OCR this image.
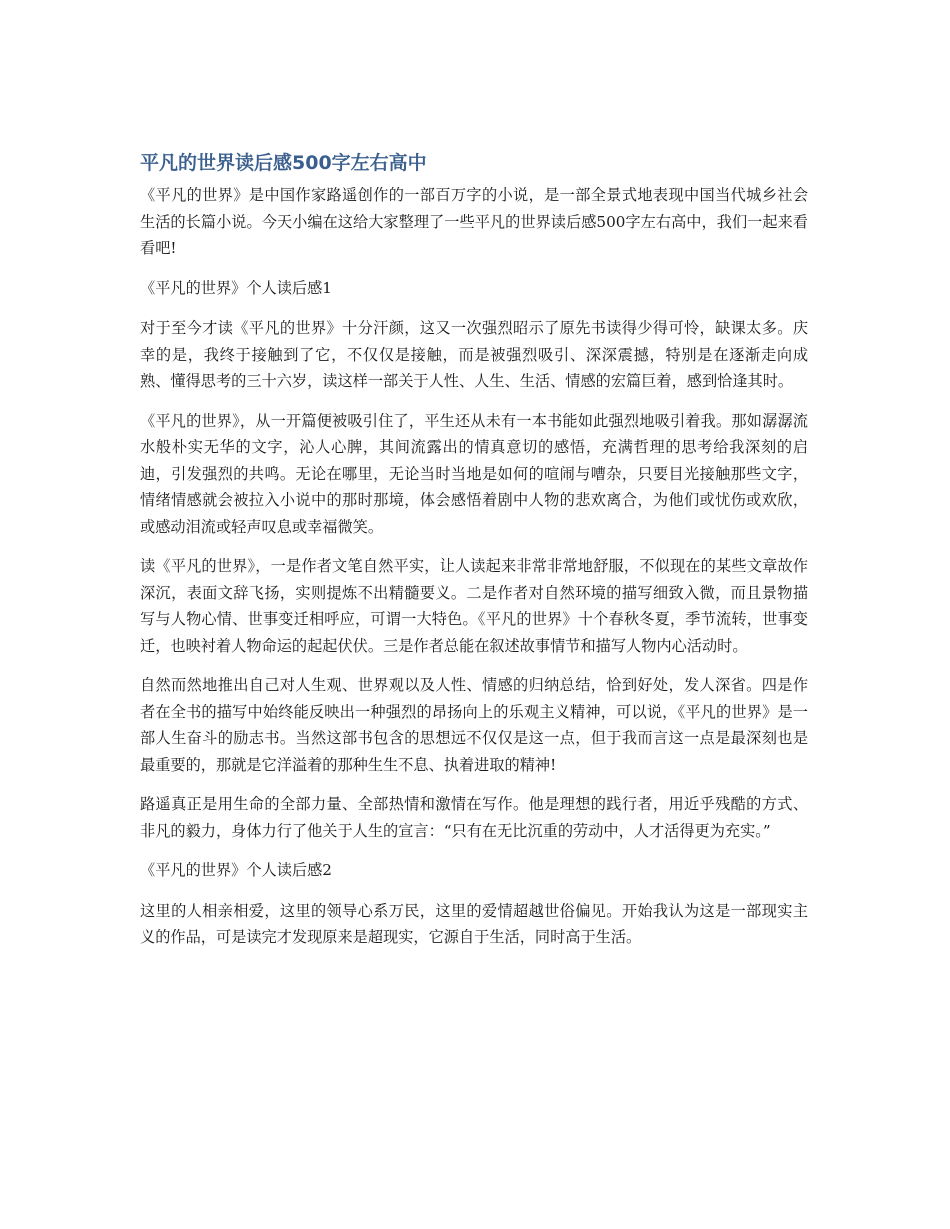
平凡的世界读后感500字左右高中

《平凡的世界》是中国作家路遥创作的一部百万字的小说，是一部全景式地表现中国当代城乡社会生活的长篇小说。今天小编在这给大家整理了一些平凡的世界读后感500字左右高中，我们一起来看看吧!

《平凡的世界》个人读后感1

对于至今才读《平凡的世界》十分汗颜，这又一次强烈昭示了原先书读得少得可怜，缺课太多。庆幸的是，我终于接触到了它，不仅仅是接触，而是被强烈吸引、深深震撼，特别是在逐渐走向成熟、懂得思考的三十六岁，读这样一部关于人性、人生、生活、情感的宏篇巨着，感到恰逢其时。

《平凡的世界》，从一开篇便被吸引住了，平生还从未有一本书能如此强烈地吸引着我。那如潺潺流水般朴实无华的文字，沁人心脾，其间流露出的情真意切的感悟，充满哲理的思考给我深刻的启迪，引发强烈的共鸣。无论在哪里，无论当时当地是如何的喧闹与嘈杂，只要目光接触那些文字，情绪情感就会被拉入小说中的那时那境，体会感悟着剧中人物的悲欢离合，为他们或忧伤或欢欣，或感动泪流或轻声叹息或幸福微笑。

读《平凡的世界》，一是作者文笔自然平实，让人读起来非常非常地舒服，不似现在的某些文章故作深沉，表面文辞飞扬，实则提炼不出精髓要义。二是作者对自然环境的描写细致入微，而且景物描写与人物心情、世事变迁相呼应，可谓一大特色。《平凡的世界》十个春秋冬夏，季节流转，世事变迁，也映衬着人物命运的起起伏伏。三是作者总能在叙述故事情节和描写人物内心活动时。

自然而然地推出自己对人生观、世界观以及人性、情感的归纳总结，恰到好处，发人深省。四是作者在全书的描写中始终能反映出一种强烈的昂扬向上的乐观主义精神，可以说，《平凡的世界》是一部人生奋斗的励志书。当然这部书包含的思想远不仅仅是这一点，但于我而言这一点是最深刻也是最重要的，那就是它洋溢着的那种生生不息、执着进取的精神!

路遥真正是用生命的全部力量、全部热情和激情在写作。他是理想的践行者，用近乎残酷的方式、非凡的毅力，身体力行了他关于人生的宣言：“只有在无比沉重的劳动中，人才活得更为充实。”

《平凡的世界》个人读后感2

这里的人相亲相爱，这里的领导心系万民，这里的爱情超越世俗偏见。开始我认为这是一部现实主义的作品，可是读完才发现原来是超现实，它源自于生活，同时高于生活。
